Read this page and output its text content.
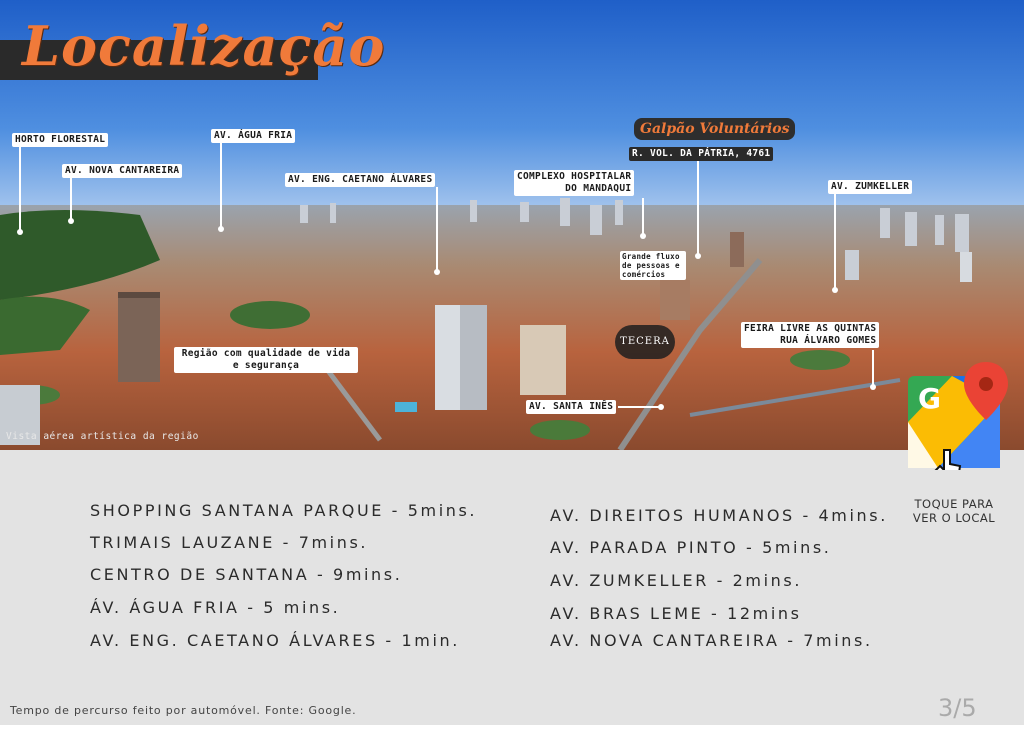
Localização
HORTO FLORESTAL
AV. NOVA CANTAREIRA
AV. ÁGUA FRIA
AV. ENG. CAETANO ÁLVARES	COMPLEXO HOSPITALAR
DO MANDAQUI
Galpão Voluntários
R. VOL. DA PÁTRIA, 4761
Grande fluxo de pessoas e comércios
AV. ZUMKELLER
FEIRA LIVRE AS QUINTAS
RUA ÁLVARO GOMES
Região com qualidade de vida e segurança
AV. SANTA INÊS
TECERA
Vista aérea artística da região
SHOPPING SANTANA PARQUE - 5mins.
TRIMAIS LAUZANE - 7mins.
CENTRO DE SANTANA - 9mins.
ÁV. ÁGUA FRIA - 5 mins.
AV. ENG. CAETANO ÁLVARES - 1min.
AV. DIREITOS HUMANOS - 4mins.
AV. PARADA PINTO - 5mins.
AV. ZUMKELLER - 2mins.
AV. BRAS LEME - 12mins
AV. NOVA CANTAREIRA - 7mins.
G
TOQUE PARA VER O LOCAL
Tempo de percurso feito por automóvel. Fonte: Google.	3/5
